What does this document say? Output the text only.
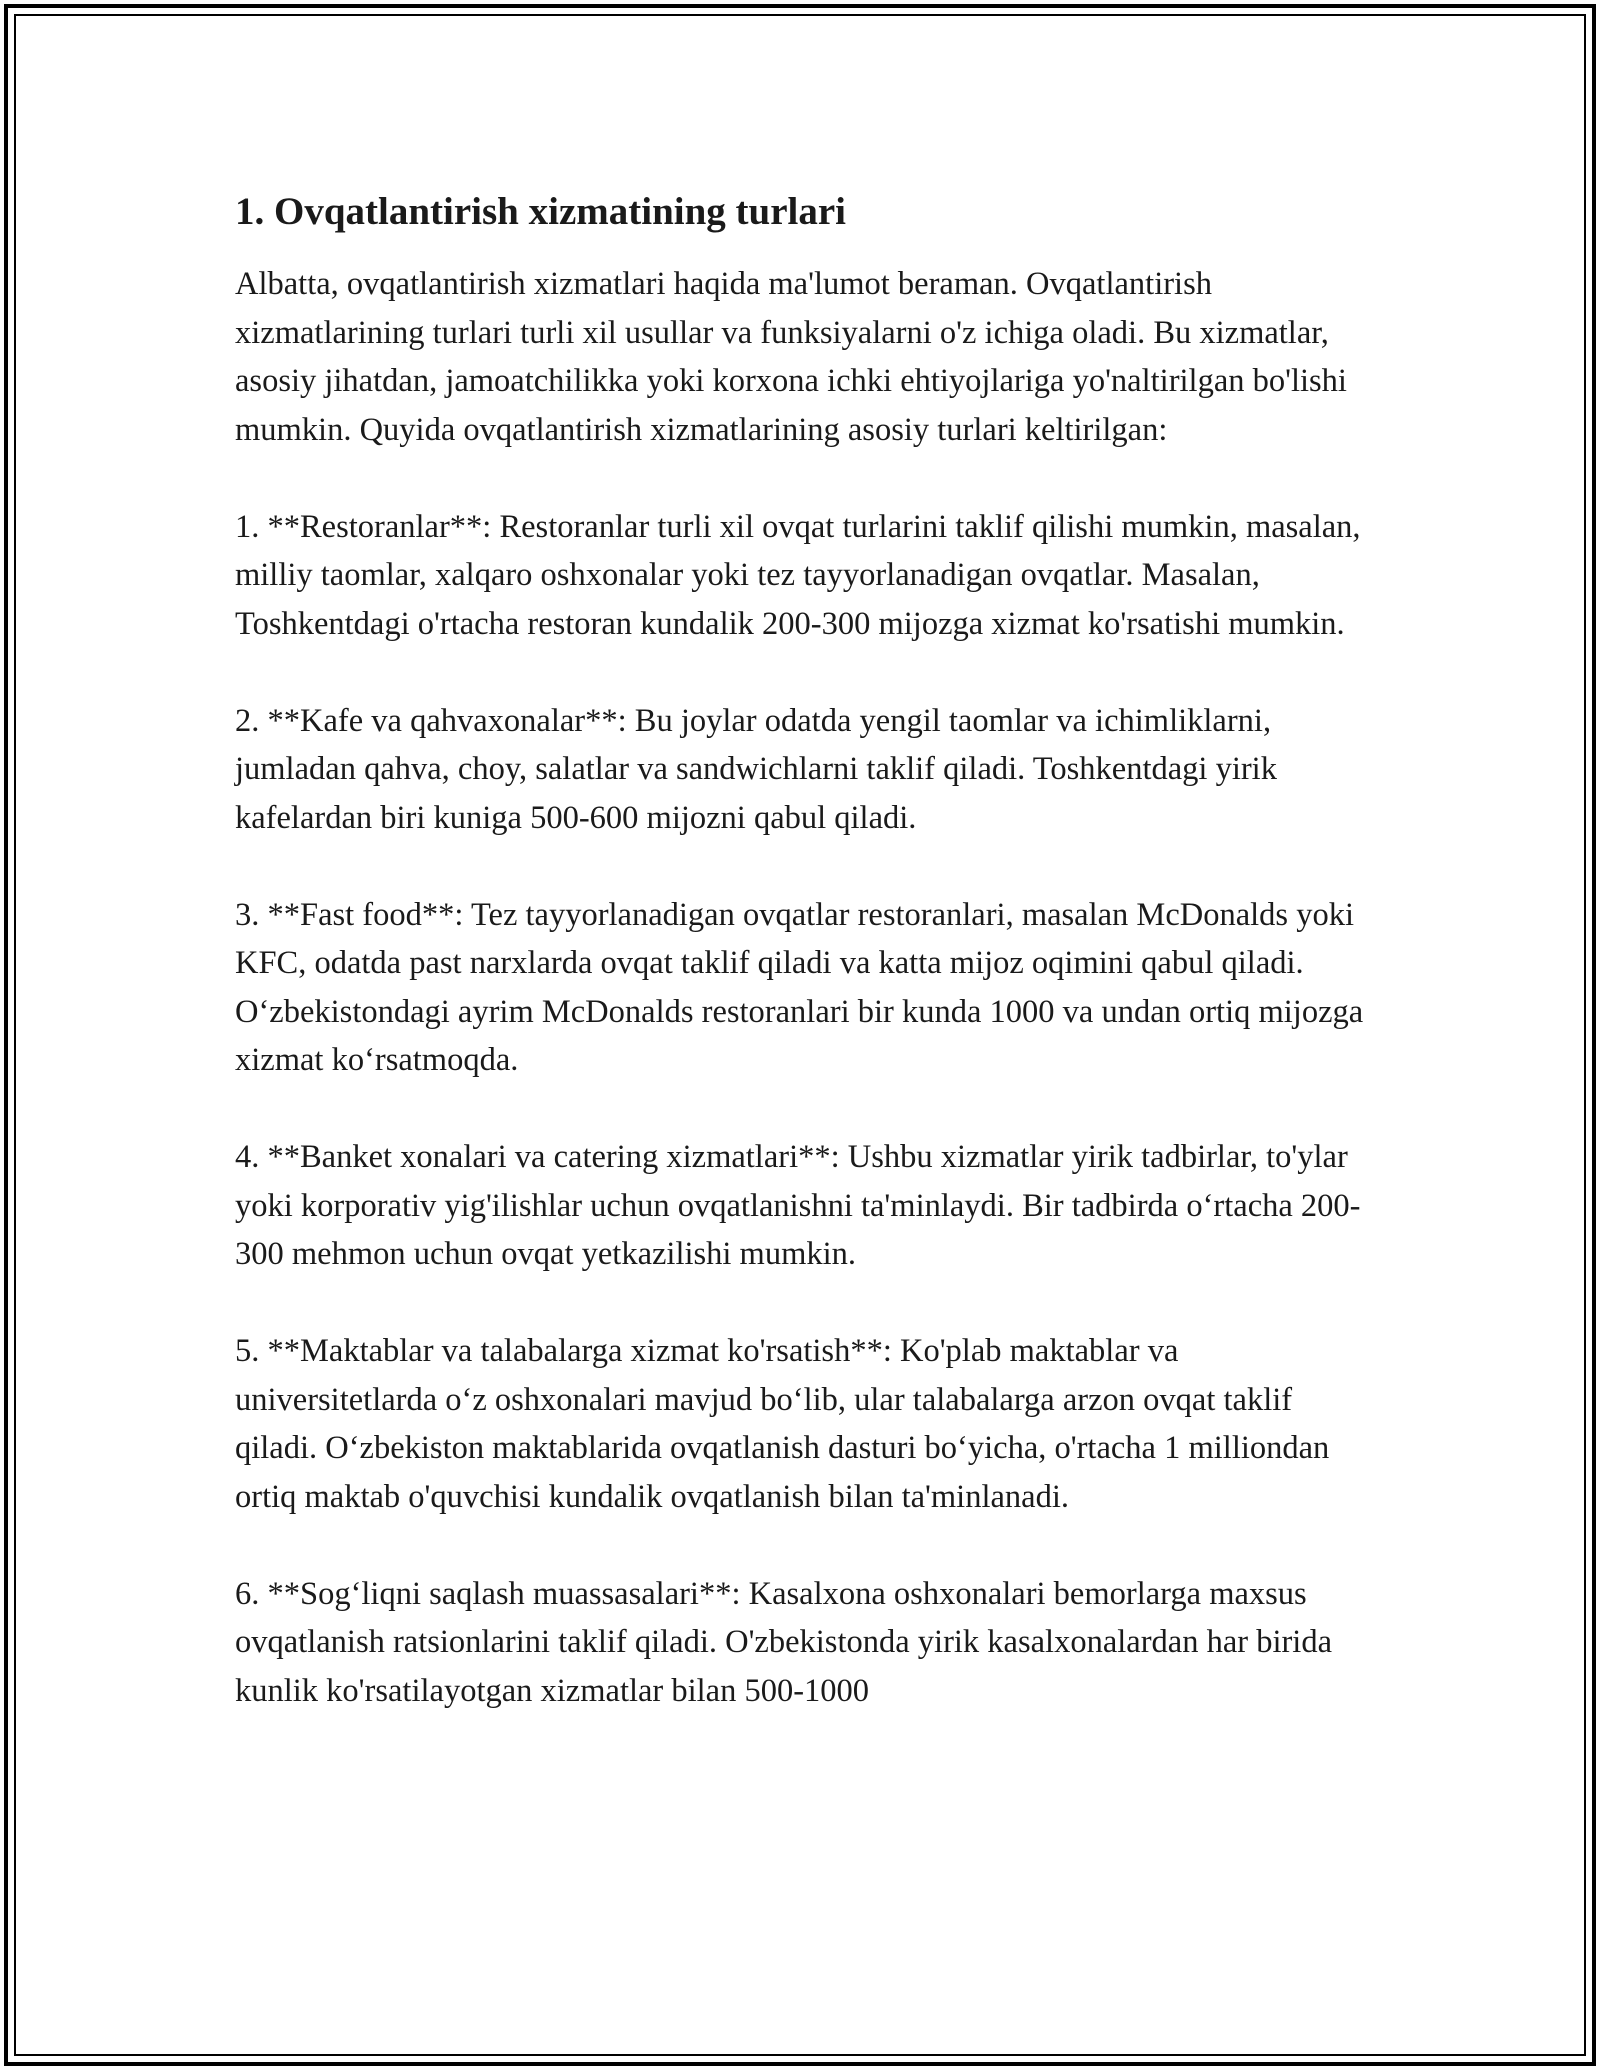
1. Ovqatlantirish xizmatining turlari

Albatta, ovqatlantirish xizmatlari haqida ma'lumot beraman. Ovqatlantirish xizmatlarining turlari turli xil usullar va funksiyalarni o'z ichiga oladi. Bu xizmatlar, asosiy jihatdan, jamoatchilikka yoki korxona ichki ehtiyojlariga yo'naltirilgan bo'lishi mumkin. Quyida ovqatlantirish xizmatlarining asosiy turlari keltirilgan:

1. **Restoranlar**: Restoranlar turli xil ovqat turlarini taklif qilishi mumkin, masalan, milliy taomlar, xalqaro oshxonalar yoki tez tayyorlanadigan ovqatlar. Masalan, Toshkentdagi o'rtacha restoran kundalik 200-300 mijozga xizmat ko'rsatishi mumkin.

2. **Kafe va qahvaxonalar**: Bu joylar odatda yengil taomlar va ichimliklarni, jumladan qahva, choy, salatlar va sandwichlarni taklif qiladi. Toshkentdagi yirik kafelardan biri kuniga 500-600 mijozni qabul qiladi.

3. **Fast food**: Tez tayyorlanadigan ovqatlar restoranlari, masalan McDonalds yoki KFC, odatda past narxlarda ovqat taklif qiladi va katta mijoz oqimini qabul qiladi. O‘zbekistondagi ayrim McDonalds restoranlari bir kunda 1000 va undan ortiq mijozga xizmat ko‘rsatmoqda.

4. **Banket xonalari va catering xizmatlari**: Ushbu xizmatlar yirik tadbirlar, to'ylar yoki korporativ yig'ilishlar uchun ovqatlanishni ta'minlaydi. Bir tadbirda o‘rtacha 200-300 mehmon uchun ovqat yetkazilishi mumkin.

5. **Maktablar va talabalarga xizmat ko'rsatish**: Ko'plab maktablar va universitetlarda o‘z oshxonalari mavjud bo‘lib, ular talabalarga arzon ovqat taklif qiladi. O‘zbekiston maktablarida ovqatlanish dasturi bo‘yicha, o'rtacha 1 milliondan ortiq maktab o'quvchisi kundalik ovqatlanish bilan ta'minlanadi.

6. **Sog‘liqni saqlash muassasalari**: Kasalxona oshxonalari bemorlarga maxsus ovqatlanish ratsionlarini taklif qiladi. O'zbekistonda yirik kasalxonalardan har birida kunlik ko'rsatilayotgan xizmatlar bilan 500-1000
